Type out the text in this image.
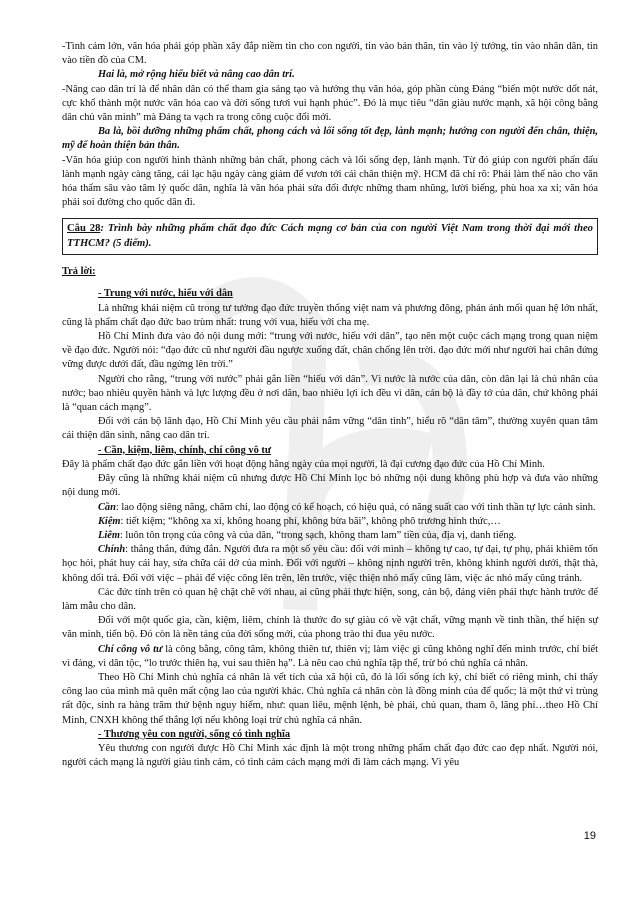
-Tình cảm lớn, văn hóa phải góp phần xây đắp niềm tin cho con người, tin vào bản thân, tin vào lý tưởng, tin vào nhân dân, tin vào tiền đồ của CM.

Hai là, mở rộng hiểu biết và nâng cao dân trí.

-Nâng cao dân trí là để nhân dân có thể tham gia sáng tạo và hưởng thụ văn hóa, góp phần cùng Đảng “biến một nước dốt nát, cực khổ thành một nước văn hóa cao và đời sống tươi vui hạnh phúc”. Đó là mục tiêu “dân giàu nước mạnh, xã hội công bằng dân chủ văn minh” mà Đảng ta vạch ra trong công cuộc đổi mới.

Ba là, bồi dưỡng những phẩm chất, phong cách và lối sống tốt đẹp, lành mạnh; hướng con người đến chân, thiện, mỹ để hoàn thiện bản thân.

-Văn hóa giúp con người hình thành những bản chất, phong cách và lối sống đẹp, lành mạnh. Từ đó giúp con người phấn đấu lành mạnh ngày càng tăng, cái lạc hậu ngày càng giảm để vươn tới cái chân thiện mỹ. HCM đã chỉ rõ: Phải làm thế nào cho văn hóa thấm sâu vào tâm lý quốc dân, nghĩa là văn hóa phải sửa đổi được những tham nhũng, lười biếng, phù hoa xa xỉ; văn hóa phải soi đường cho quốc dân đi.

Câu 28: Trình bày những phẩm chất đạo đức Cách mạng cơ bản của con người Việt Nam trong thời đại mới theo TTHCM? (5 điểm).

Trả lời:

- Trung với nước, hiếu với dân

Là những khái niệm cũ trong tư tưởng đạo đức truyền thống việt nam và phương đông, phản ánh mối quan hệ lớn nhất, cũng là phẩm chất đạo đức bao trùm nhất: trung với vua, hiếu với cha mẹ.

Hồ Chí Minh đưa vào đó nội dung mới: “trung với nước, hiếu với dân”, tạo nên một cuộc cách mạng trong quan niệm về đạo đức. Người nói: “đạo đức cũ như người đầu ngược xuống đất, chân chổng lên trời. đạo đức mới như người hai chân đứng vững được dưới đất, đầu ngửng lên trời.”

Người cho rằng, “trung với nước” phải gắn liền “hiếu với dân”. Vì nước là nước của dân, còn dân lại là chủ nhân của nước; bao nhiêu quyền hành và lực lượng đều ở nơi dân, bao nhiêu lợi ích đều vì dân, cán bộ là đầy tớ của dân, chứ không phải là “quan cách mạng”.

Đối với cán bộ lãnh đạo, Hồ Chí Minh yêu cầu phải nắm vững “dân tình”, hiểu rõ “dân tâm”, thường xuyên quan tâm cải thiện dân sinh, nâng cao dân trí.

- Cần, kiệm, liêm, chính, chí công vô tư

Đây là phẩm chất đạo đức gắn liền với hoạt động hằng ngày của mọi người, là đại cương đạo đức của Hồ Chí Minh.

Đây cũng là những khái niệm cũ nhưng được Hồ Chí Minh lọc bỏ những nội dung không phù hợp và đưa vào những nội dung mới.

Cần: lao động siêng năng, chăm chỉ, lao động có kế hoạch, có hiệu quả, có năng suất cao với tinh thần tự lực cánh sinh.

Kiệm: tiết kiệm; “không xa xỉ, không hoang phí, không bừa bãi”, không phô trương hình thức,…

Liêm: luôn tôn trọng của công và của dân, “trong sạch, không tham lam” tiền của, địa vị, danh tiếng.

Chính: thẳng thắn, đứng đắn. Người đưa ra một số yêu cầu: đối với mình – không tự cao, tự đại, tự phụ, phải khiêm tốn học hỏi, phát huy cái hay, sửa chữa cái dở của mình. Đối với người – không nịnh người trên, không khinh người dưới, thật thà, không dối trá. Đối với việc – phải để việc công lên trên, lên trước, việc thiện nhỏ mấy cũng làm, việc ác nhỏ mấy cũng tránh.

Các đức tính trên có quan hệ chặt chẽ với nhau, ai cũng phải thực hiện, song, cán bộ, đảng viên phải thực hành trước để làm mẫu cho dân.

Đối với một quốc gia, cần, kiệm, liêm, chính là thước đo sự giàu có về vật chất, vững mạnh về tinh thần, thể hiện sự văn minh, tiến bộ. Đó còn là nền tảng của đời sống mới, của phong trào thi đua yêu nước.

Chí công vô tư là công bằng, công tâm, không thiên tư, thiên vị; làm việc gì cũng không nghĩ đến mình trước, chỉ biết vì đảng, vì dân tộc, “lo trước thiên hạ, vui sau thiên hạ”. Là nêu cao chủ nghĩa tập thể, trừ bỏ chủ nghĩa cá nhân.

Theo Hồ Chí Minh chủ nghĩa cá nhân là vết tích của xã hội cũ, đó là lối sống ích kỷ, chỉ biết có riêng mình, chỉ thấy công lao của mình mà quên mất cộng lao của người khác. Chủ nghĩa cá nhân còn là đồng minh của để quốc; là một thứ vi trùng rất độc, sinh ra hàng trăm thứ bệnh nguy hiểm, như: quan liêu, mệnh lệnh, bè phái, chủ quan, tham ô, lãng phí…theo Hồ Chí Minh, CNXH không thể thắng lợi nếu không loại trừ chủ nghĩa cá nhân.

- Thương yêu con người, sống có tình nghĩa

Yêu thương con người được Hồ Chí Minh xác định là một trong những phẩm chất đạo đức cao đẹp nhất. Người nói, người cách mạng là người giàu tình cảm, có tình cảm cách mạng mới đi làm cách mạng. Vì yêu

19
